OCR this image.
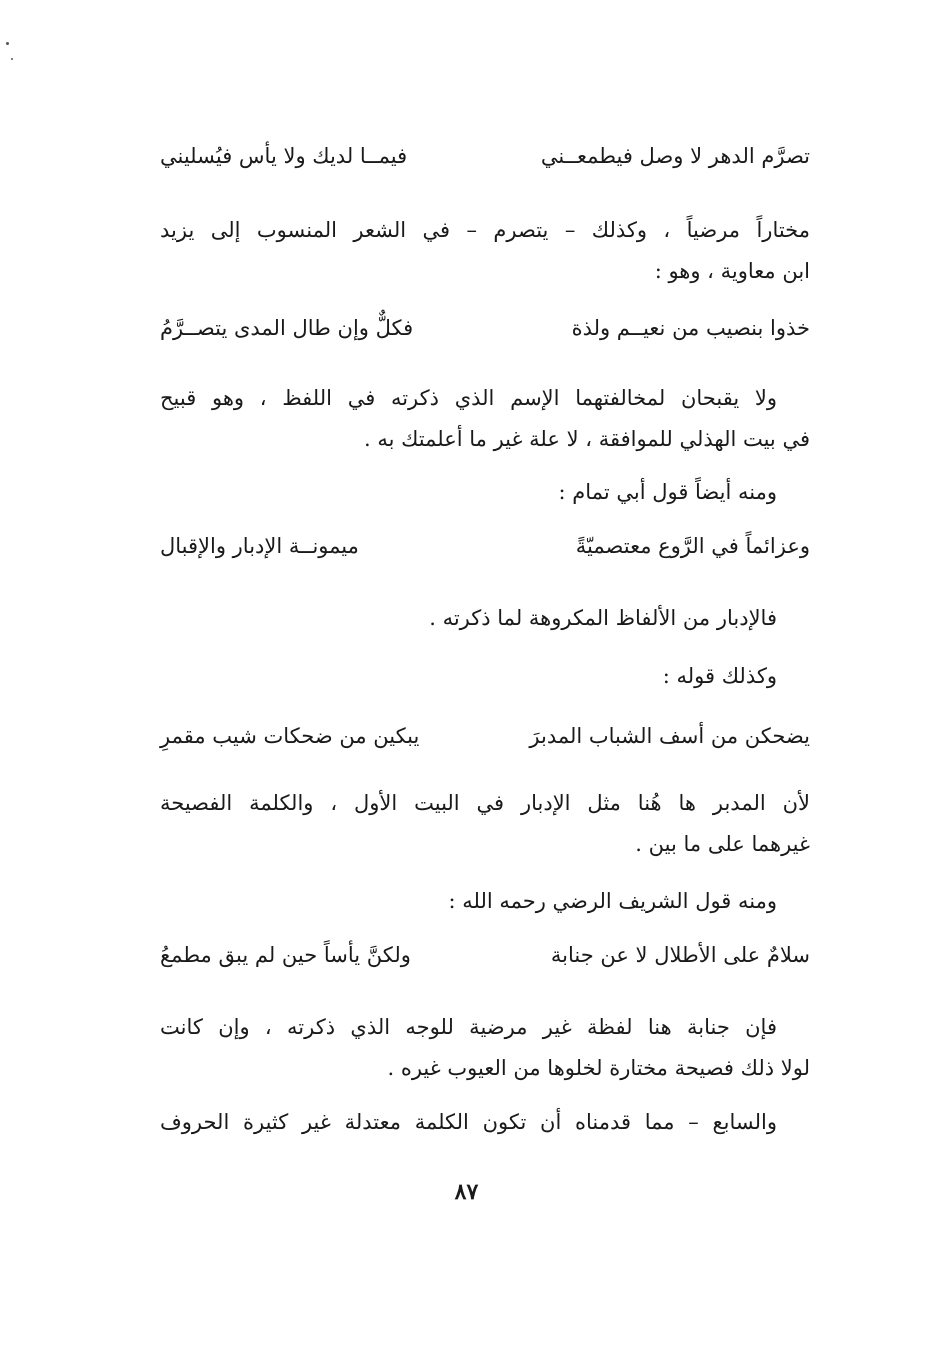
تصرَّم الدهر لا وصل فيطمعــني
فيمــا لديك ولا يأس فيُسليني
مختاراً مرضياً ، وكذلك – يتصرم – في الشعر المنسوب إلى يزيد
ابن معاوية ، وهو :
خذوا بنصيب من نعيــم ولذة
فكلٌّ وإن طال المدى يتصــرَّمُ
ولا يقبحان لمخالفتهما الإسم الذي ذكرته في اللفظ ، وهو قبيح
في بيت الهذلي للموافقة ، لا علة غير ما أعلمتك به .
ومنه أيضاً قول أبي تمام :
وعزائماً في الرَّوع معتصميّةً
ميمونــة الإدبار والإقبال
فالإدبار من الألفاظ المكروهة لما ذكرته .
وكذلك قوله :
يضحكن من أسف الشباب المدبرَ
يبكين من ضحكات شيب مقمرِ
لأن المدبر ها هُنا مثل الإدبار في البيت الأول ، والكلمة الفصيحة
غيرهما على ما بين .
ومنه قول الشريف الرضي رحمه الله :
سلامٌ على الأطلال لا عن جنابة
ولكنَّ يأساً حين لم يبق مطمعُ
فإن جنابة هنا لفظة غير مرضية للوجه الذي ذكرته ، وإن كانت
لولا ذلك فصيحة مختارة لخلوها من العيوب غيره .
والسابع – مما قدمناه أن تكون الكلمة معتدلة غير كثيرة الحروف
٨٧
